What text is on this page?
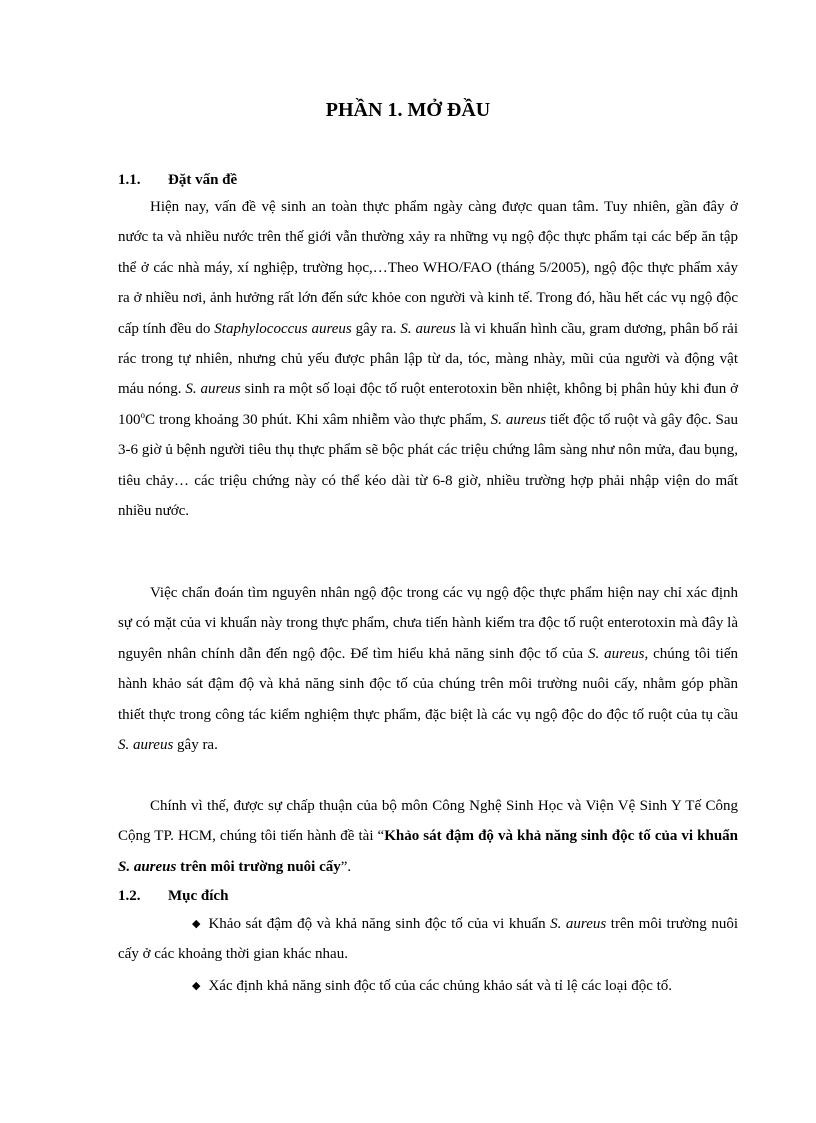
PHẦN 1. MỞ ĐẦU
1.1. Đặt vấn đề
Hiện nay, vấn đề vệ sinh an toàn thực phẩm ngày càng được quan tâm. Tuy nhiên, gần đây ở nước ta và nhiều nước trên thế giới vẫn thường xảy ra những vụ ngộ độc thực phẩm tại các bếp ăn tập thể ở các nhà máy, xí nghiệp, trường học,…Theo WHO/FAO (tháng 5/2005), ngộ độc thực phẩm xảy ra ở nhiều nơi, ảnh hưởng rất lớn đến sức khỏe con người và kinh tế. Trong đó, hầu hết các vụ ngộ độc cấp tính đều do Staphylococcus aureus gây ra. S. aureus là vi khuẩn hình cầu, gram dương, phân bố rải rác trong tự nhiên, nhưng chủ yếu được phân lập từ da, tóc, màng nhày, mũi của người và động vật máu nóng. S. aureus sinh ra một số loại độc tố ruột enterotoxin bền nhiệt, không bị phân hủy khi đun ở 100$^o$C trong khoảng 30 phút. Khi xâm nhiễm vào thực phẩm, S. aureus tiết độc tố ruột và gây độc. Sau 3-6 giờ ủ bệnh người tiêu thụ thực phẩm sẽ bộc phát các triệu chứng lâm sàng như nôn mửa, đau bụng, tiêu chảy… các triệu chứng này có thể kéo dài từ 6-8 giờ, nhiều trường hợp phải nhập viện do mất nhiều nước.
Việc chẩn đoán tìm nguyên nhân ngộ độc trong các vụ ngộ độc thực phẩm hiện nay chỉ xác định sự có mặt của vi khuẩn này trong thực phẩm, chưa tiến hành kiểm tra độc tố ruột enterotoxin mà đây là nguyên nhân chính dẫn đến ngộ độc. Để tìm hiểu khả năng sinh độc tố của S. aureus, chúng tôi tiến hành khảo sát đậm độ và khả năng sinh độc tố của chúng trên môi trường nuôi cấy, nhằm góp phần thiết thực trong công tác kiểm nghiệm thực phẩm, đặc biệt là các vụ ngộ độc do độc tố ruột của tụ cầu S. aureus gây ra.
Chính vì thế, được sự chấp thuận của bộ môn Công Nghệ Sinh Học và Viện Vệ Sinh Y Tế Công Cộng TP. HCM, chúng tôi tiến hành đề tài “Khảo sát đậm độ và khả năng sinh độc tố của vi khuẩn S. aureus trên môi trường nuôi cấy”.
1.2. Mục đích
◆ Khảo sát đậm độ và khả năng sinh độc tố của vi khuẩn S. aureus trên môi trường nuôi cấy ở các khoảng thời gian khác nhau.
◆ Xác định khả năng sinh độc tố của các chủng khảo sát và tỉ lệ các loại độc tố.
